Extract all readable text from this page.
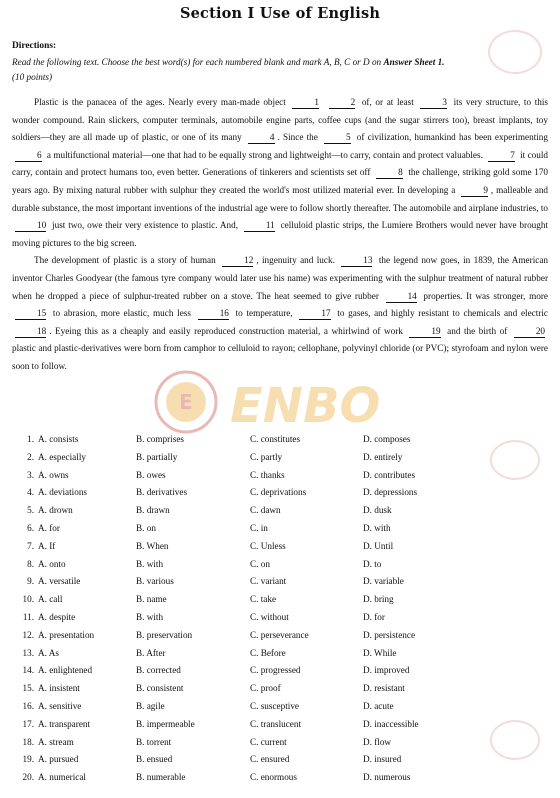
Section Ⅰ Use of English
Directions:
Read the following text. Choose the best word(s) for each numbered blank and mark A, B, C or D on Answer Sheet 1.
(10 points)

Plastic is the panacea of the ages. Nearly every man-made object	1	2 of, or at least	3 its very structure, to this wonder compound. Rain slickers, computer terminals, automobile engine parts, coffee cups (and the sugar stirrers too), breast implants, toy soldiers—they are all made up of plastic, or one of its many	4 . Since the	5 of civilization, humankind has been experimenting 6 a multifunctional material—one that had to be equally strong and lightweight—to carry, contain and protect valuables.	7 it could carry, contain and protect humans too, even better. Generations of tinkerers and scientists set off	8 the challenge, striking gold some 170 years ago. By mixing natural rubber with sulphur they created the world's most utilized material ever. In developing a	9 , malleable and durable substance, the most important inventions of the industrial age were to follow shortly thereafter. The automobile and airplane industries, to 10 just two, owe their very existence to plastic. And,	11 celluloid plastic strips, the Lumiere Brothers would never have brought moving pictures to the big screen.

The development of plastic is a story of human	12 , ingenuity and luck.	13 the legend now goes, in 1839, the American inventor Charles Goodyear (the famous tyre company would later use his name) was experimenting with the sulphur treatment of natural rubber when he dropped a piece of sulphur-treated rubber on a stove. The heat seemed to give rubber	14 properties. It was stronger, more 15 to abrasion, more elastic, much less	16 to temperature,	17 to gases, and highly resistant to chemicals and electric 18 . Eyeing this as a cheaply and easily reproduced construction material, a whirlwind of work	19 and the birth of	20 plastic and plastic-derivatives were born from camphor to celluloid to rayon; cellophane, polyvinyl chloride (or PVC); styrofoam and nylon were soon to follow.

E ENBO
1. A. consists	B. comprises	C. constitutes	D. composes
2. A. especially	B. partially	C. partly	D. entirely
3. A. owns	B. owes	C. thanks	D. contributes
4. A. deviations	B. derivatives	C. deprivations	D. depressions
5. A. drown	B. drawn	C. dawn	D. dusk
6. A. for	B. on	C. in	D. with
7. A. If	B. When	C. Unless	D. Until
8. A. onto	B. with	C. on	D. to
9. A. versatile	B. various	C. variant	D. variable
10. A. call	B. name	C. take	D. bring
11. A. despite	B. with	C. without	D. for
12. A. presentation	B. preservation	C. perseverance	D. persistence
13. A. As	B. After	C. Before	D. While
14. A. enlightened	B. corrected	C. progressed	D. improved
15. A. insistent	B. consistent	C. proof	D. resistant
16. A. sensitive	B. agile	C. susceptive	D. acute
17. A. transparent	B. impermeable	C. translucent	D. inaccessible
18. A. stream	B. torrent	C. current	D. flow
19. A. pursued	B. ensued	C. ensured	D. insured
20. A. numerical	B. numerable	C. enormous	D. numerous
